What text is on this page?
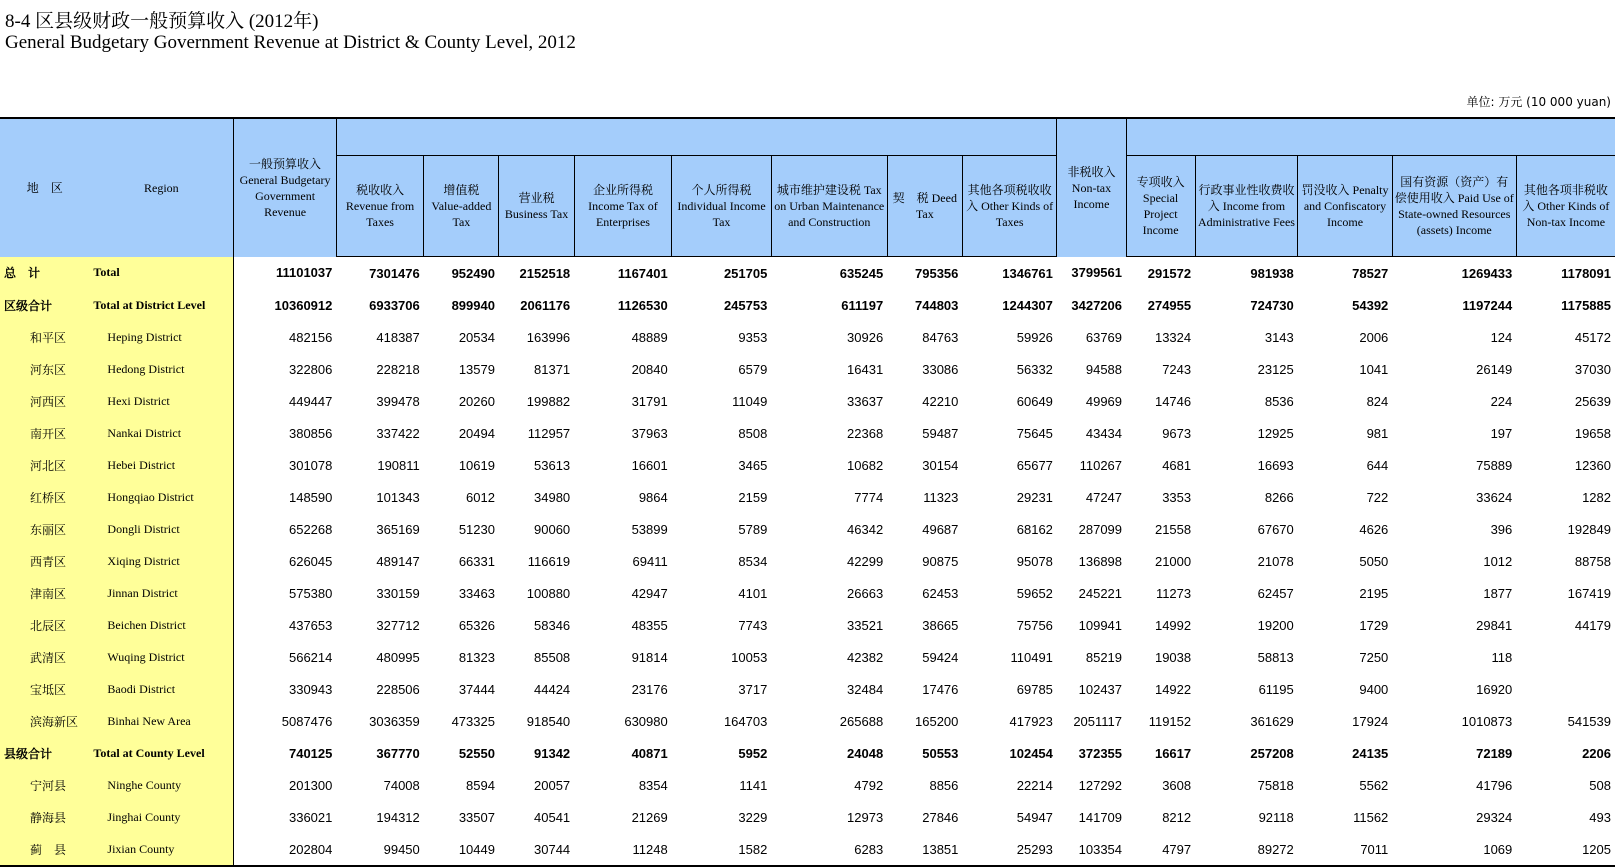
8-4 区县级财政一般预算收入 (2012年)
General Budgetary Government Revenue at District & County Level, 2012
单位: 万元 (10 000 yuan)
地　区	Region	一般预算收入 General Budgetary Government Revenue									非税收入 Non-tax Income					
			税收收入 Revenue from Taxes	增值税 Value-added Tax	营业税 Business Tax	企业所得税 Income Tax of Enterprises	个人所得税 Individual Income Tax	城市维护建设税 Tax on Urban Maintenance and Construction	契　税 Deed Tax	其他各项税收收入 Other Kinds of Taxes		专项收入 Special Project Income	行政事业性收费收入 Income from Administrative Fees	罚没收入 Penalty and Confiscatory Income	国有资源（资产）有偿使用收入 Paid Use of State-owned Resources (assets) Income	其他各项非税收入 Other Kinds of Non-tax Income
总　计	Total	11101037	7301476	952490	2152518	1167401	251705	635245	795356	1346761	3799561	291572	981938	78527	1269433	1178091
区级合计	Total at District Level	10360912	6933706	899940	2061176	1126530	245753	611197	744803	1244307	3427206	274955	724730	54392	1197244	1175885
和平区	Heping District	482156	418387	20534	163996	48889	9353	30926	84763	59926	63769	13324	3143	2006	124	45172
河东区	Hedong District	322806	228218	13579	81371	20840	6579	16431	33086	56332	94588	7243	23125	1041	26149	37030
河西区	Hexi District	449447	399478	20260	199882	31791	11049	33637	42210	60649	49969	14746	8536	824	224	25639
南开区	Nankai District	380856	337422	20494	112957	37963	8508	22368	59487	75645	43434	9673	12925	981	197	19658
河北区	Hebei District	301078	190811	10619	53613	16601	3465	10682	30154	65677	110267	4681	16693	644	75889	12360
红桥区	Hongqiao District	148590	101343	6012	34980	9864	2159	7774	11323	29231	47247	3353	8266	722	33624	1282
东丽区	Dongli District	652268	365169	51230	90060	53899	5789	46342	49687	68162	287099	21558	67670	4626	396	192849
西青区	Xiqing District	626045	489147	66331	116619	69411	8534	42299	90875	95078	136898	21000	21078	5050	1012	88758
津南区	Jinnan District	575380	330159	33463	100880	42947	4101	26663	62453	59652	245221	11273	62457	2195	1877	167419
北辰区	Beichen District	437653	327712	65326	58346	48355	7743	33521	38665	75756	109941	14992	19200	1729	29841	44179
武清区	Wuqing District	566214	480995	81323	85508	91814	10053	42382	59424	110491	85219	19038	58813	7250	118	
宝坻区	Baodi District	330943	228506	37444	44424	23176	3717	32484	17476	69785	102437	14922	61195	9400	16920	
滨海新区	Binhai New Area	5087476	3036359	473325	918540	630980	164703	265688	165200	417923	2051117	119152	361629	17924	1010873	541539
县级合计	Total at County Level	740125	367770	52550	91342	40871	5952	24048	50553	102454	372355	16617	257208	24135	72189	2206
宁河县	Ninghe County	201300	74008	8594	20057	8354	1141	4792	8856	22214	127292	3608	75818	5562	41796	508
静海县	Jinghai County	336021	194312	33507	40541	21269	3229	12973	27846	54947	141709	8212	92118	11562	29324	493
蓟　县	Jixian County	202804	99450	10449	30744	11248	1582	6283	13851	25293	103354	4797	89272	7011	1069	1205
